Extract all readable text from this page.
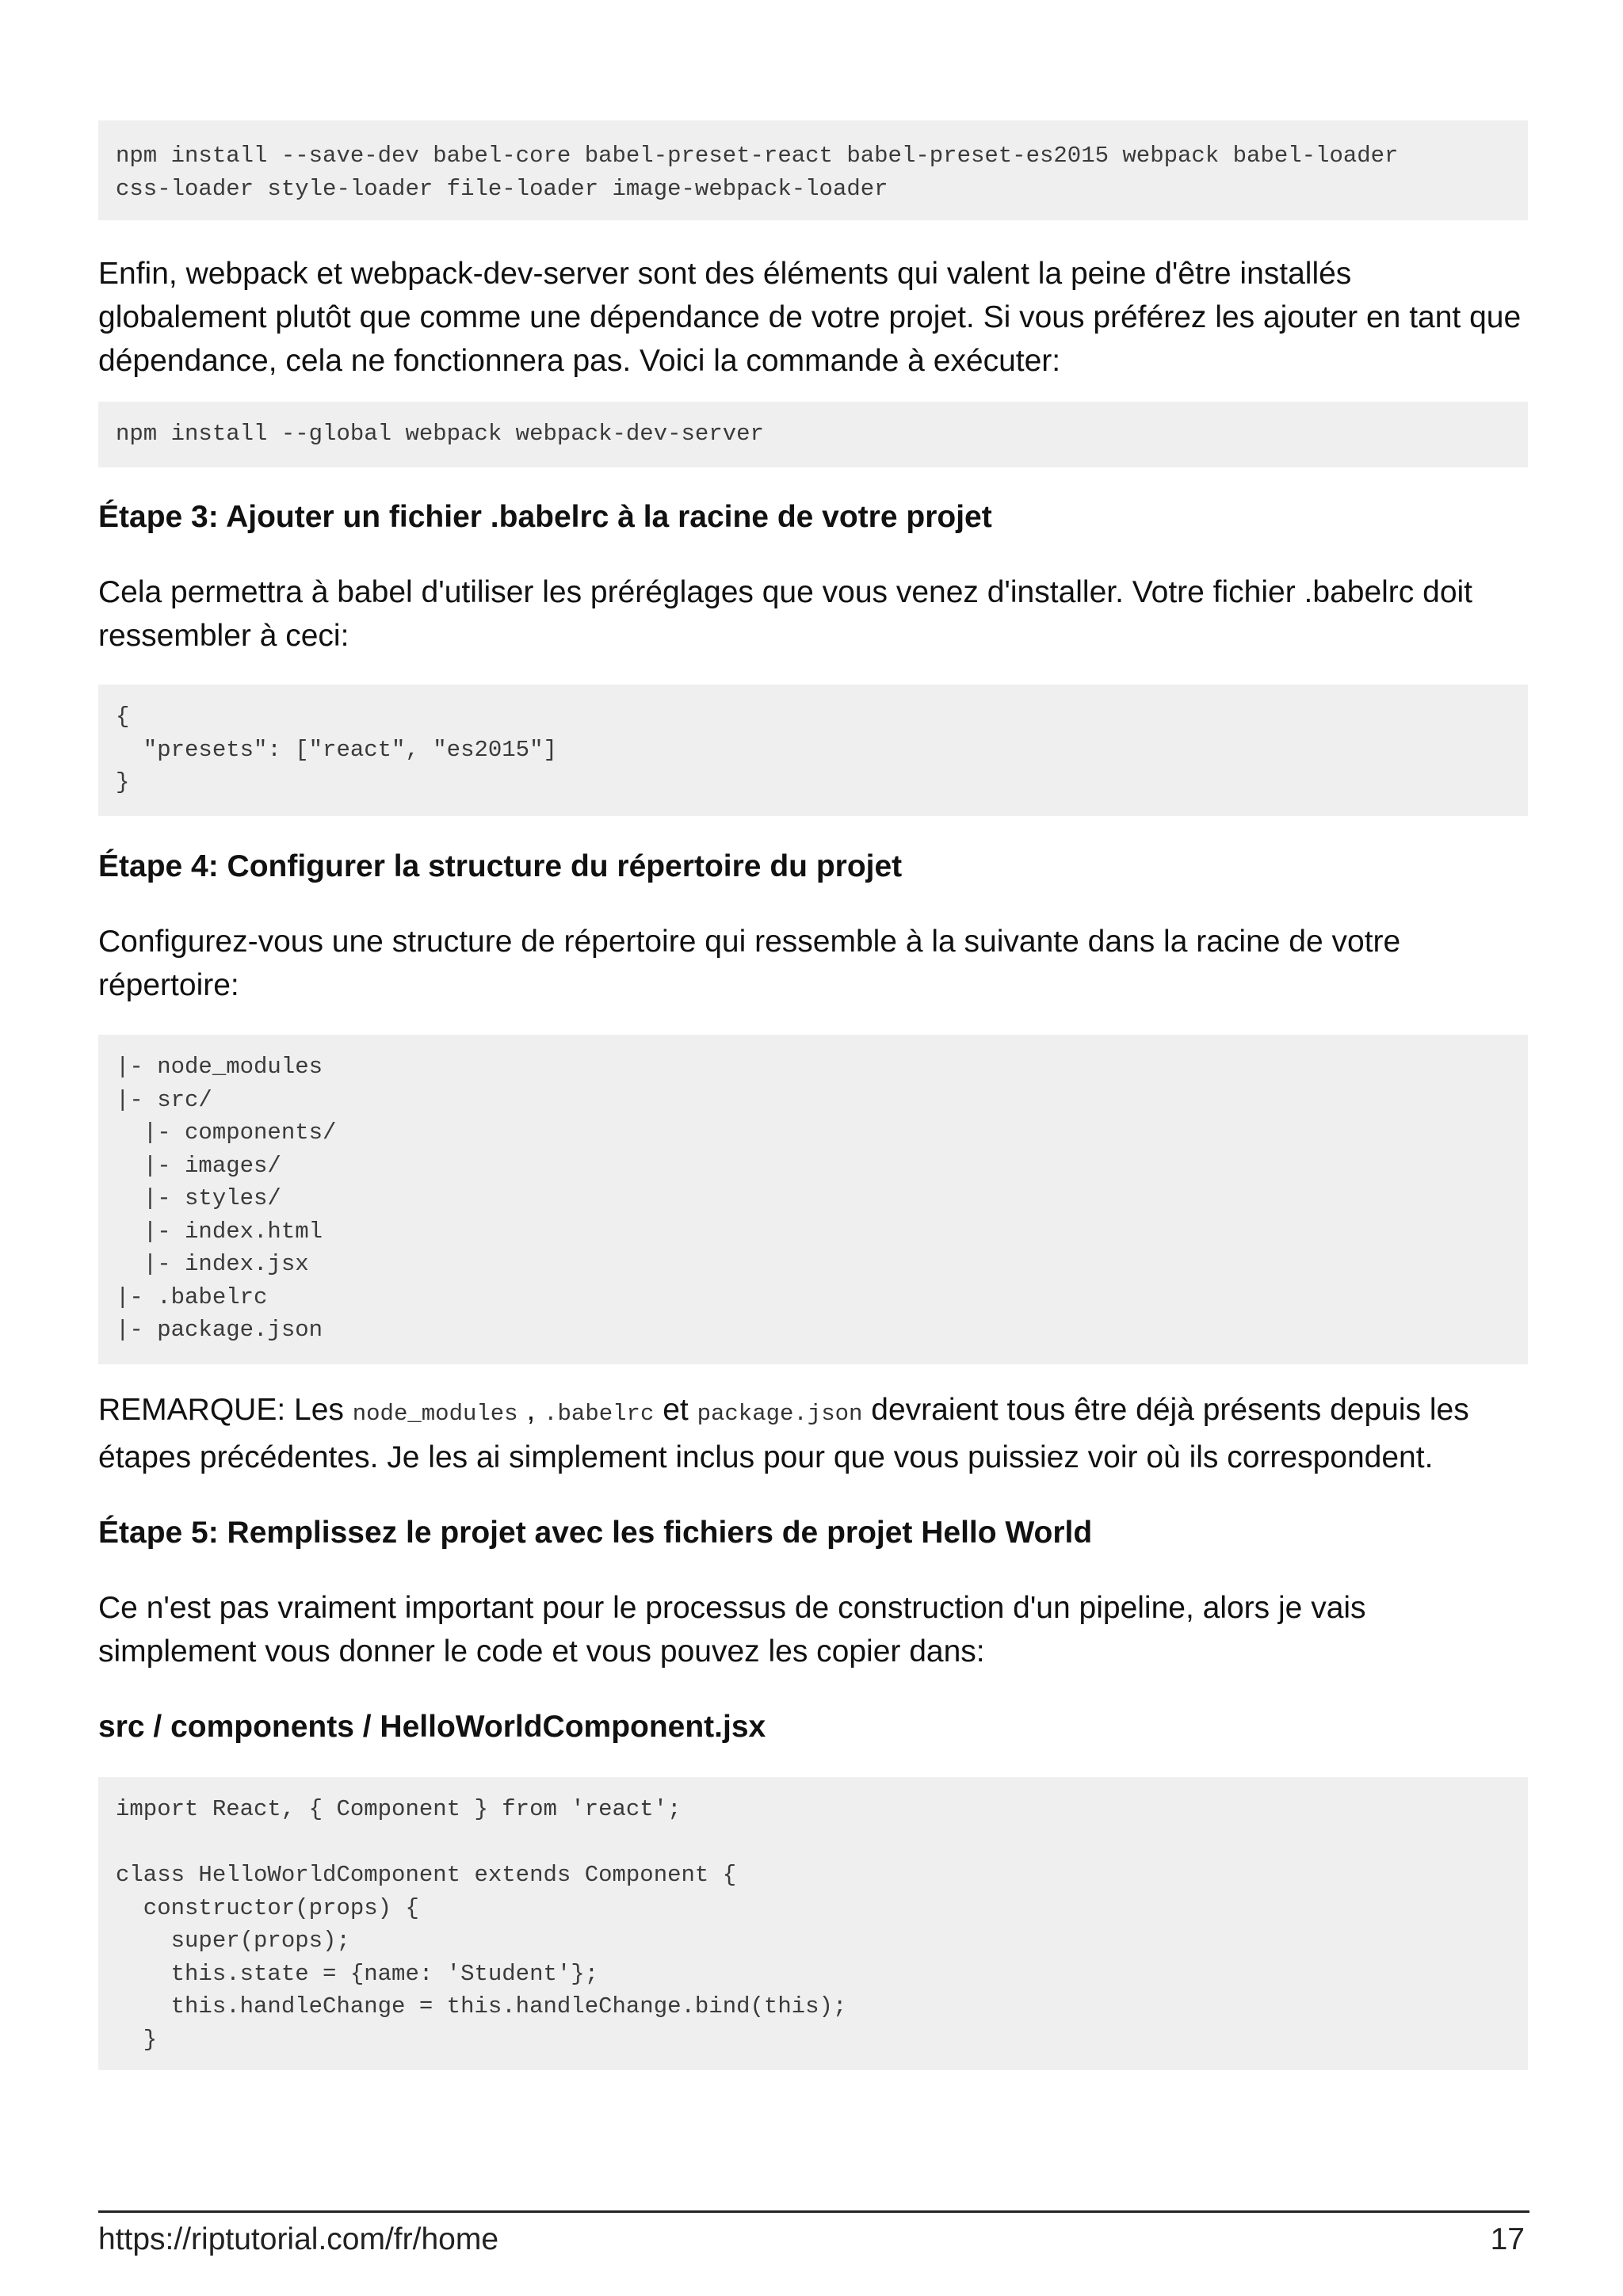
npm install --save-dev babel-core babel-preset-react babel-preset-es2015 webpack babel-loader
css-loader style-loader file-loader image-webpack-loader

Enfin, webpack et webpack-dev-server sont des éléments qui valent la peine d'être installés globalement plutôt que comme une dépendance de votre projet. Si vous préférez les ajouter en tant que dépendance, cela ne fonctionnera pas. Voici la commande à exécuter:

npm install --global webpack webpack-dev-server

Étape 3: Ajouter un fichier .babelrc à la racine de votre projet

Cela permettra à babel d'utiliser les préréglages que vous venez d'installer. Votre fichier .babelrc doit ressembler à ceci:

{
"presets": ["react", "es2015"]
}

Étape 4: Configurer la structure du répertoire du projet

Configurez-vous une structure de répertoire qui ressemble à la suivante dans la racine de votre répertoire:

|- node_modules
|- src/
|- components/
|- images/
|- styles/
|- index.html
|- index.jsx
|- .babelrc
|- package.json

REMARQUE: Les node_modules , .babelrc et package.json devraient tous être déjà présents depuis les étapes précédentes. Je les ai simplement inclus pour que vous puissiez voir où ils correspondent.

Étape 5: Remplissez le projet avec les fichiers de projet Hello World

Ce n'est pas vraiment important pour le processus de construction d'un pipeline, alors je vais simplement vous donner le code et vous pouvez les copier dans:

src / components / HelloWorldComponent.jsx

import React, { Component } from 'react';

class HelloWorldComponent extends Component {
constructor(props) {
super(props);
this.state = {name: 'Student'};
this.handleChange = this.handleChange.bind(this);
}
https://riptutorial.com/fr/home	17
